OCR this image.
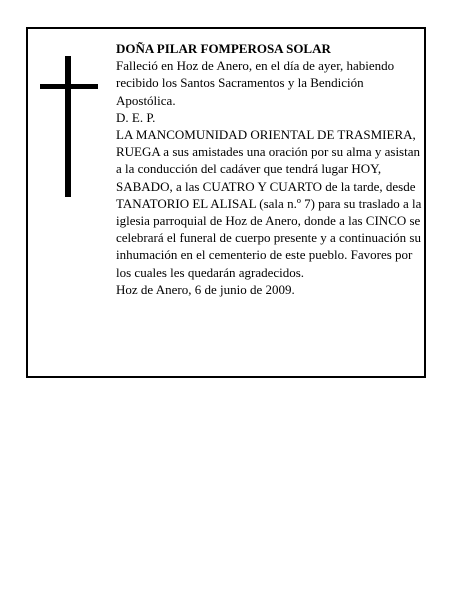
DOÑA PILAR FOMPEROSA SOLAR

Falleció en Hoz de Anero, en el día de ayer, habiendo recibido los Santos Sacramentos y la Bendición Apostólica.

D. E. P.

LA MANCOMUNIDAD ORIENTAL DE TRASMIERA,

RUEGA a sus amistades una oración por su alma y asistan a la conducción del cadáver que tendrá lugar HOY, SABADO, a las CUATRO Y CUARTO de la tarde, desde TANATORIO EL ALISAL (sala n.º 7) para su traslado a la iglesia parroquial de Hoz de Anero, donde a las CINCO se celebrará el funeral de cuerpo presente y a continuación su inhumación en el cementerio de este pueblo. Favores por los cuales les quedarán agradecidos.

Hoz de Anero, 6 de junio de 2009.
